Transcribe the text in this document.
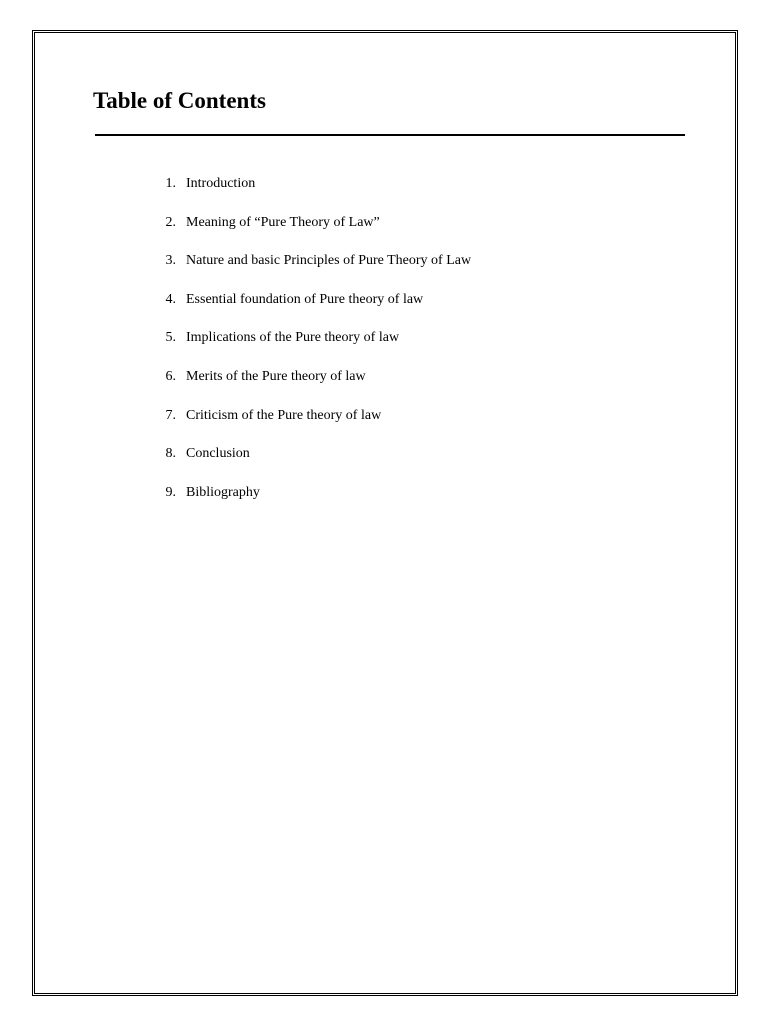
Table of Contents
1. Introduction
2. Meaning of “Pure Theory of Law”
3. Nature and basic Principles of Pure Theory of Law
4. Essential foundation of Pure theory of law
5. Implications of the Pure theory of law
6. Merits of the Pure theory of law
7. Criticism of the Pure theory of law
8. Conclusion
9. Bibliography
